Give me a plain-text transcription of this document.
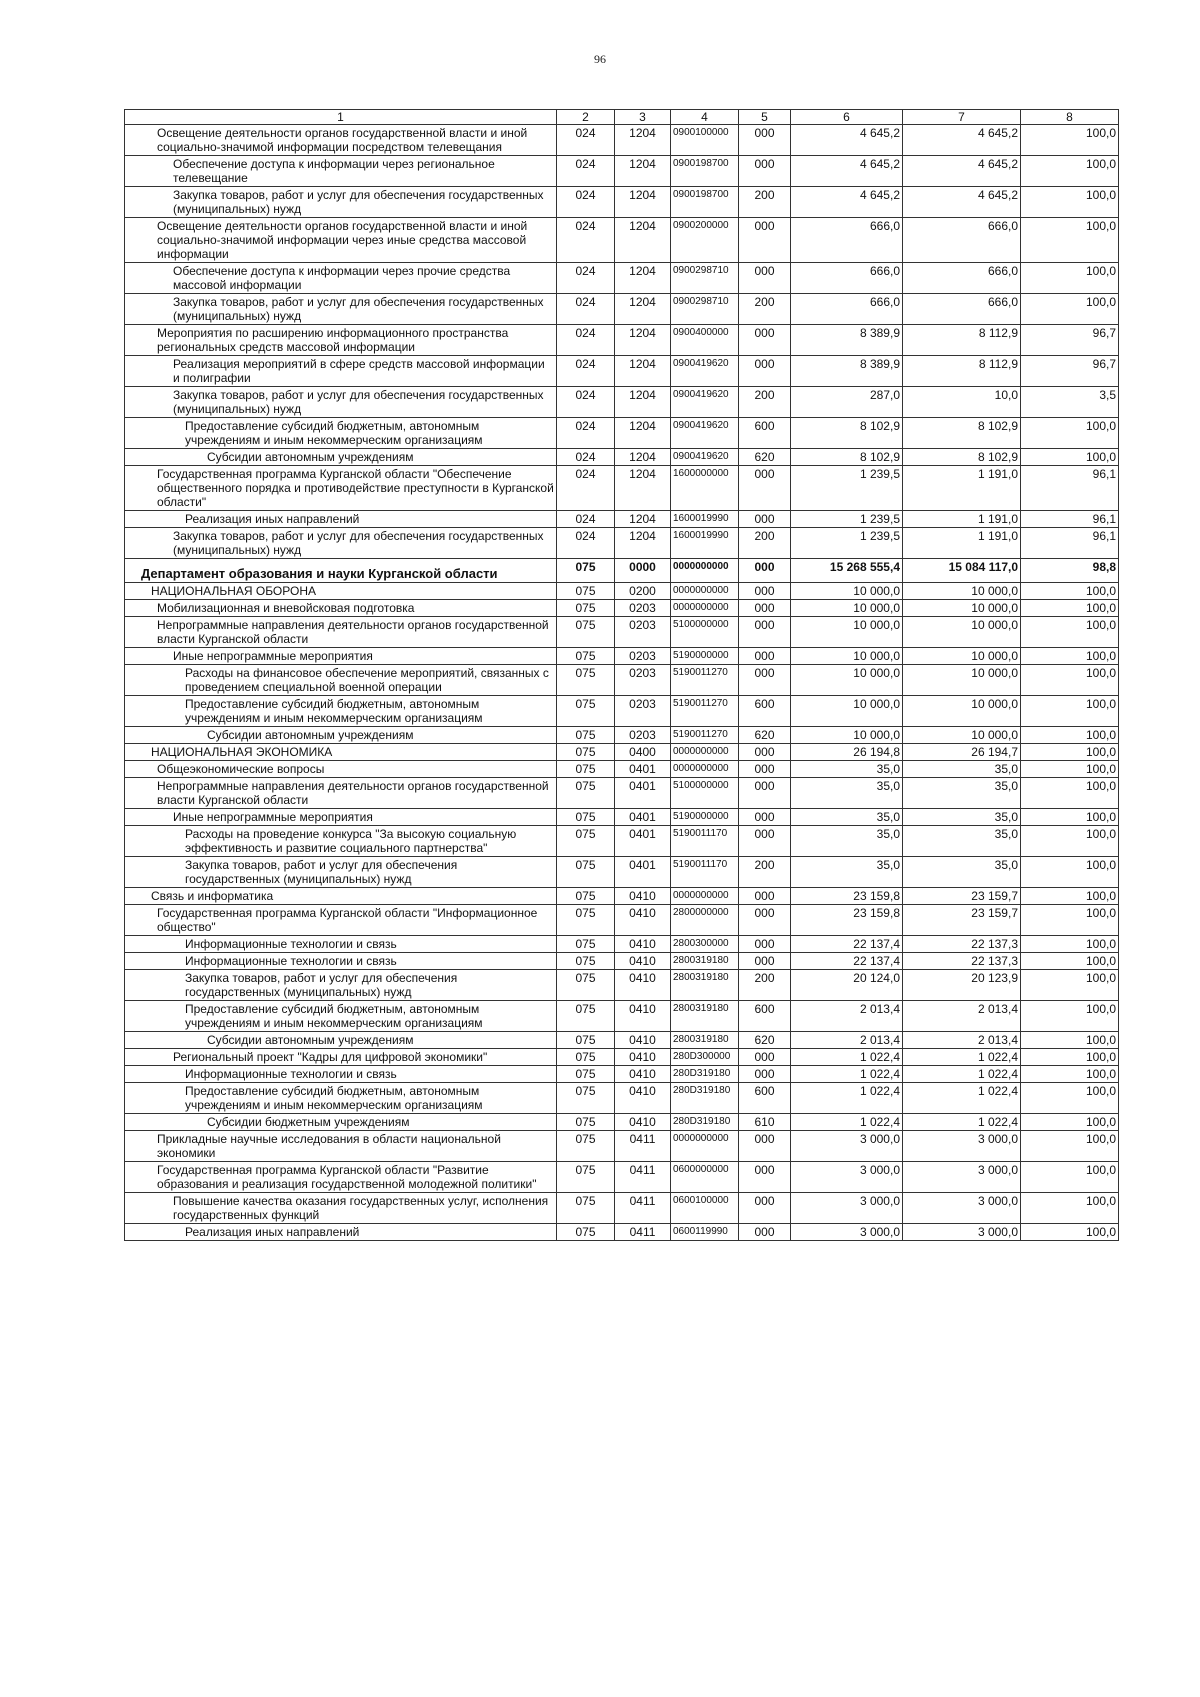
96
1	2	3	4	5	6	7	8
Освещение деятельности органов государственной власти и иной социально-значимой информации посредством телевещания	024	1204	0900100000	000	4 645,2	4 645,2	100,0
Обеспечение доступа к информации через региональное телевещание	024	1204	0900198700	000	4 645,2	4 645,2	100,0
Закупка товаров, работ и услуг для обеспечения государственных (муниципальных) нужд	024	1204	0900198700	200	4 645,2	4 645,2	100,0
Освещение деятельности органов государственной власти и иной социально-значимой информации через иные средства массовой информации	024	1204	0900200000	000	666,0	666,0	100,0
Обеспечение доступа к информации через прочие средства массовой информации	024	1204	0900298710	000	666,0	666,0	100,0
Закупка товаров, работ и услуг для обеспечения государственных (муниципальных) нужд	024	1204	0900298710	200	666,0	666,0	100,0
Мероприятия по расширению информационного пространства региональных средств массовой информации	024	1204	0900400000	000	8 389,9	8 112,9	96,7
Реализация мероприятий в сфере средств массовой информации и полиграфии	024	1204	0900419620	000	8 389,9	8 112,9	96,7
Закупка товаров, работ и услуг для обеспечения государственных (муниципальных) нужд	024	1204	0900419620	200	287,0	10,0	3,5
Предоставление субсидий бюджетным, автономным учреждениям и иным некоммерческим организациям	024	1204	0900419620	600	8 102,9	8 102,9	100,0
Субсидии автономным учреждениям	024	1204	0900419620	620	8 102,9	8 102,9	100,0
Государственная программа Курганской области "Обеспечение общественного порядка и противодействие преступности в Курганской области"	024	1204	1600000000	000	1 239,5	1 191,0	96,1
Реализация иных направлений	024	1204	1600019990	000	1 239,5	1 191,0	96,1
Закупка товаров, работ и услуг для обеспечения государственных (муниципальных) нужд	024	1204	1600019990	200	1 239,5	1 191,0	96,1
Департамент образования и науки Курганской области	075	0000	0000000000	000	15 268 555,4	15 084 117,0	98,8
НАЦИОНАЛЬНАЯ ОБОРОНА	075	0200	0000000000	000	10 000,0	10 000,0	100,0
Мобилизационная и вневойсковая подготовка	075	0203	0000000000	000	10 000,0	10 000,0	100,0
Непрограммные направления деятельности органов государственной власти Курганской области	075	0203	5100000000	000	10 000,0	10 000,0	100,0
Иные непрограммные мероприятия	075	0203	5190000000	000	10 000,0	10 000,0	100,0
Расходы на финансовое обеспечение мероприятий, связанных с проведением специальной военной операции	075	0203	5190011270	000	10 000,0	10 000,0	100,0
Предоставление субсидий бюджетным, автономным учреждениям и иным некоммерческим организациям	075	0203	5190011270	600	10 000,0	10 000,0	100,0
Субсидии автономным учреждениям	075	0203	5190011270	620	10 000,0	10 000,0	100,0
НАЦИОНАЛЬНАЯ ЭКОНОМИКА	075	0400	0000000000	000	26 194,8	26 194,7	100,0
Общеэкономические вопросы	075	0401	0000000000	000	35,0	35,0	100,0
Непрограммные направления деятельности органов государственной власти Курганской области	075	0401	5100000000	000	35,0	35,0	100,0
Иные непрограммные мероприятия	075	0401	5190000000	000	35,0	35,0	100,0
Расходы на проведение конкурса "За высокую социальную эффективность и развитие социального партнерства"	075	0401	5190011170	000	35,0	35,0	100,0
Закупка товаров, работ и услуг для обеспечения государственных (муниципальных) нужд	075	0401	5190011170	200	35,0	35,0	100,0
Связь и информатика	075	0410	0000000000	000	23 159,8	23 159,7	100,0
Государственная программа Курганской области "Информационное общество"	075	0410	2800000000	000	23 159,8	23 159,7	100,0
Информационные технологии и связь	075	0410	2800300000	000	22 137,4	22 137,3	100,0
Информационные технологии и связь	075	0410	2800319180	000	22 137,4	22 137,3	100,0
Закупка товаров, работ и услуг для обеспечения государственных (муниципальных) нужд	075	0410	2800319180	200	20 124,0	20 123,9	100,0
Предоставление субсидий бюджетным, автономным учреждениям и иным некоммерческим организациям	075	0410	2800319180	600	2 013,4	2 013,4	100,0
Субсидии автономным учреждениям	075	0410	2800319180	620	2 013,4	2 013,4	100,0
Региональный проект "Кадры для цифровой экономики"	075	0410	280D300000	000	1 022,4	1 022,4	100,0
Информационные технологии и связь	075	0410	280D319180	000	1 022,4	1 022,4	100,0
Предоставление субсидий бюджетным, автономным учреждениям и иным некоммерческим организациям	075	0410	280D319180	600	1 022,4	1 022,4	100,0
Субсидии бюджетным учреждениям	075	0410	280D319180	610	1 022,4	1 022,4	100,0
Прикладные научные исследования в области национальной экономики	075	0411	0000000000	000	3 000,0	3 000,0	100,0
Государственная программа Курганской области "Развитие образования и реализация государственной молодежной политики"	075	0411	0600000000	000	3 000,0	3 000,0	100,0
Повышение качества оказания государственных услуг, исполнения государственных функций	075	0411	0600100000	000	3 000,0	3 000,0	100,0
Реализация иных направлений	075	0411	0600119990	000	3 000,0	3 000,0	100,0
